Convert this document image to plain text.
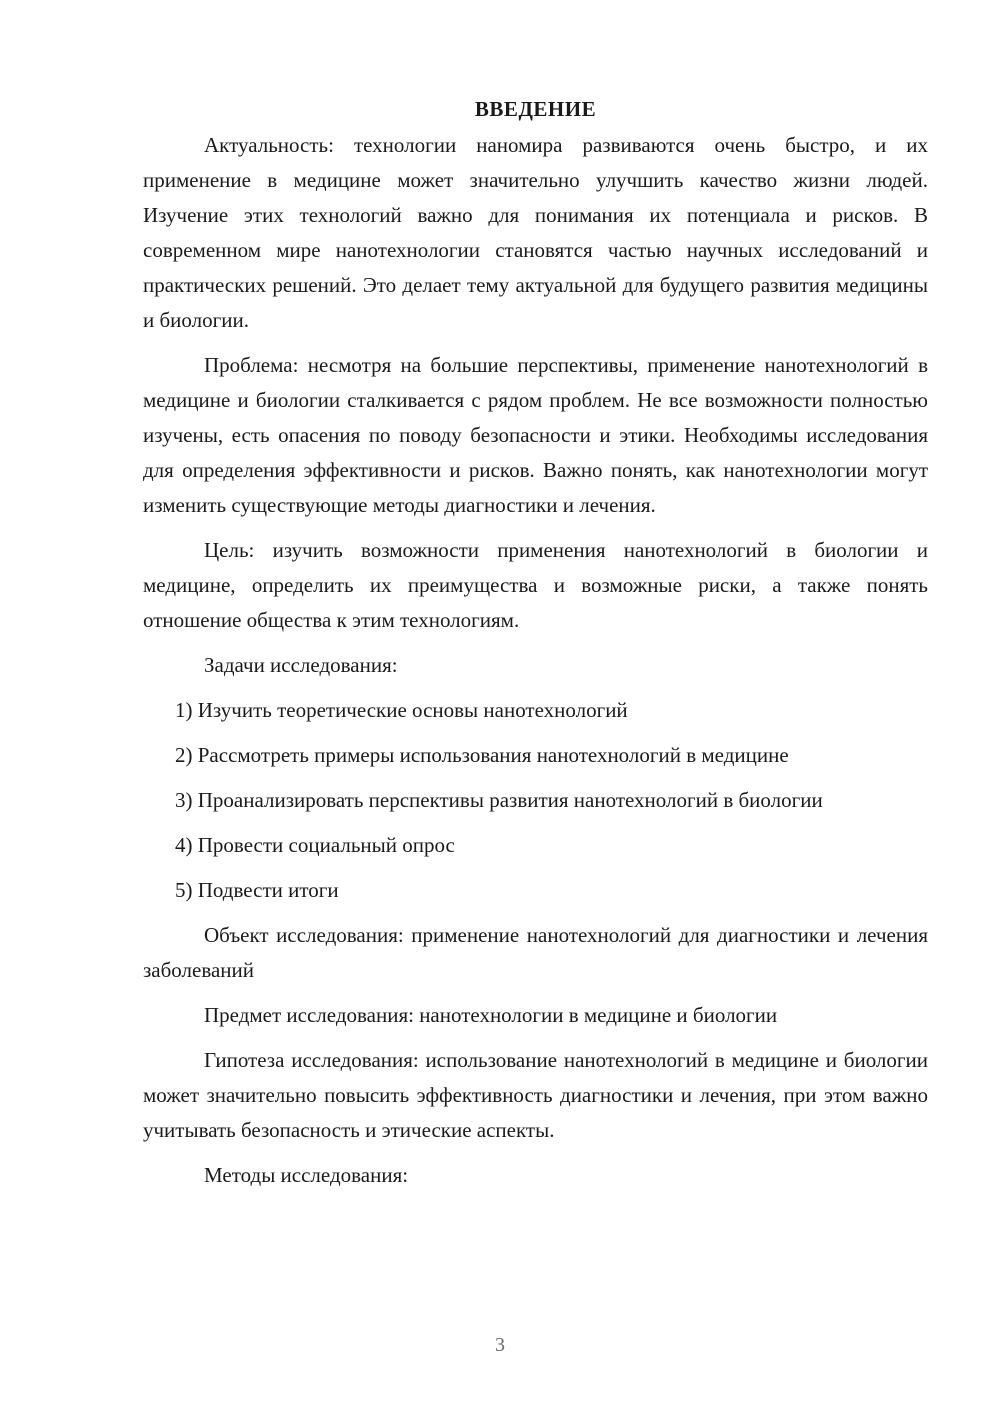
ВВЕДЕНИЕ

Актуальность: технологии наномира развиваются очень быстро, и их применение в медицине может значительно улучшить качество жизни людей. Изучение этих технологий важно для понимания их потенциала и рисков. В современном мире нанотехнологии становятся частью научных исследований и практических решений. Это делает тему актуальной для будущего развития медицины и биологии.

Проблема: несмотря на большие перспективы, применение нанотехнологий в медицине и биологии сталкивается с рядом проблем. Не все возможности полностью изучены, есть опасения по поводу безопасности и этики. Необходимы исследования для определения эффективности и рисков. Важно понять, как нанотехнологии могут изменить существующие методы диагностики и лечения.

Цель: изучить возможности применения нанотехнологий в биологии и медицине, определить их преимущества и возможные риски, а также понять отношение общества к этим технологиям.

Задачи исследования:

1) Изучить теоретические основы нанотехнологий

2) Рассмотреть примеры использования нанотехнологий в медицине

3) Проанализировать перспективы развития нанотехнологий в биологии

4) Провести социальный опрос

5) Подвести итоги

Объект исследования: применение нанотехнологий для диагностики и лечения заболеваний

Предмет исследования: нанотехнологии в медицине и биологии

Гипотеза исследования: использование нанотехнологий в медицине и биологии может значительно повысить эффективность диагностики и лечения, при этом важно учитывать безопасность и этические аспекты.

Методы исследования:

3
